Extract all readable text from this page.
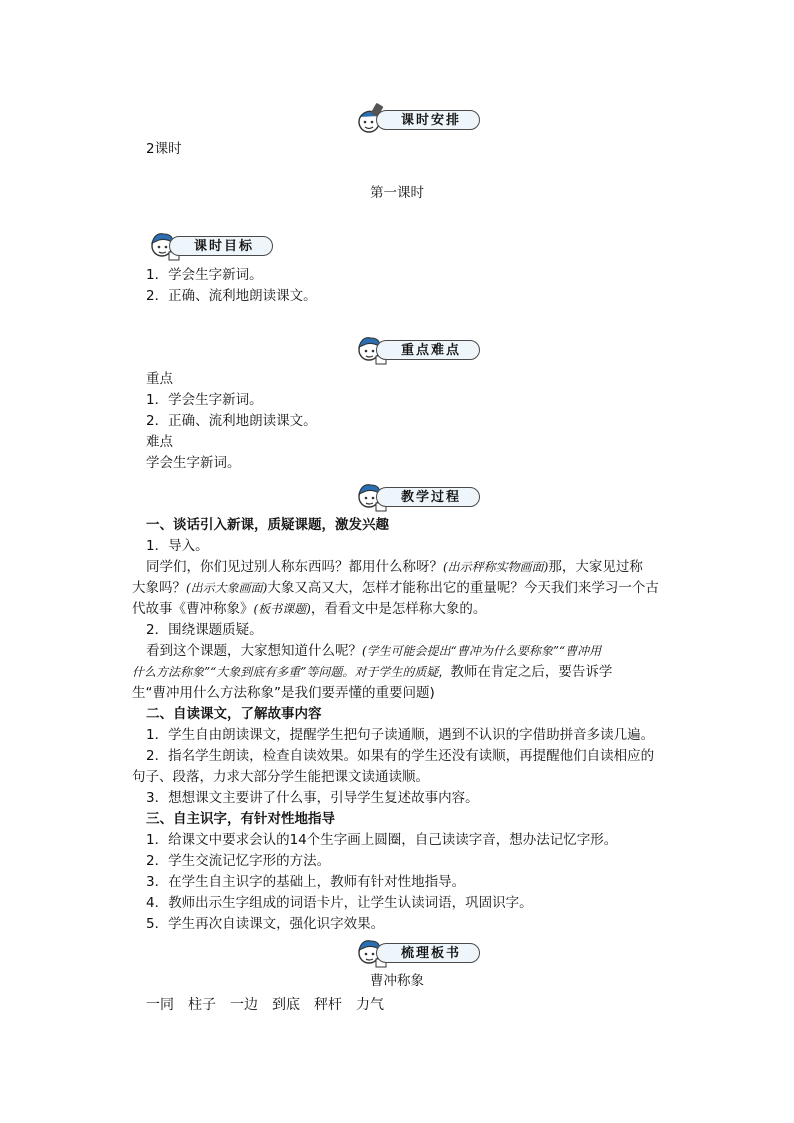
课时安排
2课时
第一课时
课时目标
1．学会生字新词。
2．正确、流利地朗读课文。
重点难点
重点
1．学会生字新词。
2．正确、流利地朗读课文。
难点
学会生字新词。
教学过程
一、谈话引入新课，质疑课题，激发兴趣
1．导入。
同学们，你们见过别人称东西吗？都用什么称呀？(出示秤称实物画面)那，大家见过称
大象吗？(出示大象画面)大象又高又大，怎样才能称出它的重量呢？今天我们来学习一个古
代故事《曹冲称象》(板书课题)，看看文中是怎样称大象的。
2．围绕课题质疑。
看到这个课题，大家想知道什么呢？(学生可能会提出“曹冲为什么要称象”“曹冲用
什么方法称象”“大象到底有多重”等问题。对于学生的质疑，教师在肯定之后，要告诉学
生“曹冲用什么方法称象”是我们要弄懂的重要问题)
二、自读课文，了解故事内容
1．学生自由朗读课文，提醒学生把句子读通顺，遇到不认识的字借助拼音多读几遍。
2．指名学生朗读，检查自读效果。如果有的学生还没有读顺，再提醒他们自读相应的
句子、段落，力求大部分学生能把课文读通读顺。
3．想想课文主要讲了什么事，引导学生复述故事内容。
三、自主识字，有针对性地指导
1．给课文中要求会认的14个生字画上圆圈，自己读读字音，想办法记忆字形。
2．学生交流记忆字形的方法。
3．在学生自主识字的基础上，教师有针对性地指导。
4．教师出示生字组成的词语卡片，让学生认读词语，巩固识字。
5．学生再次自读课文，强化识字效果。
梳理板书
曹冲称象
一同　柱子　一边　到底　秤杆　力气
